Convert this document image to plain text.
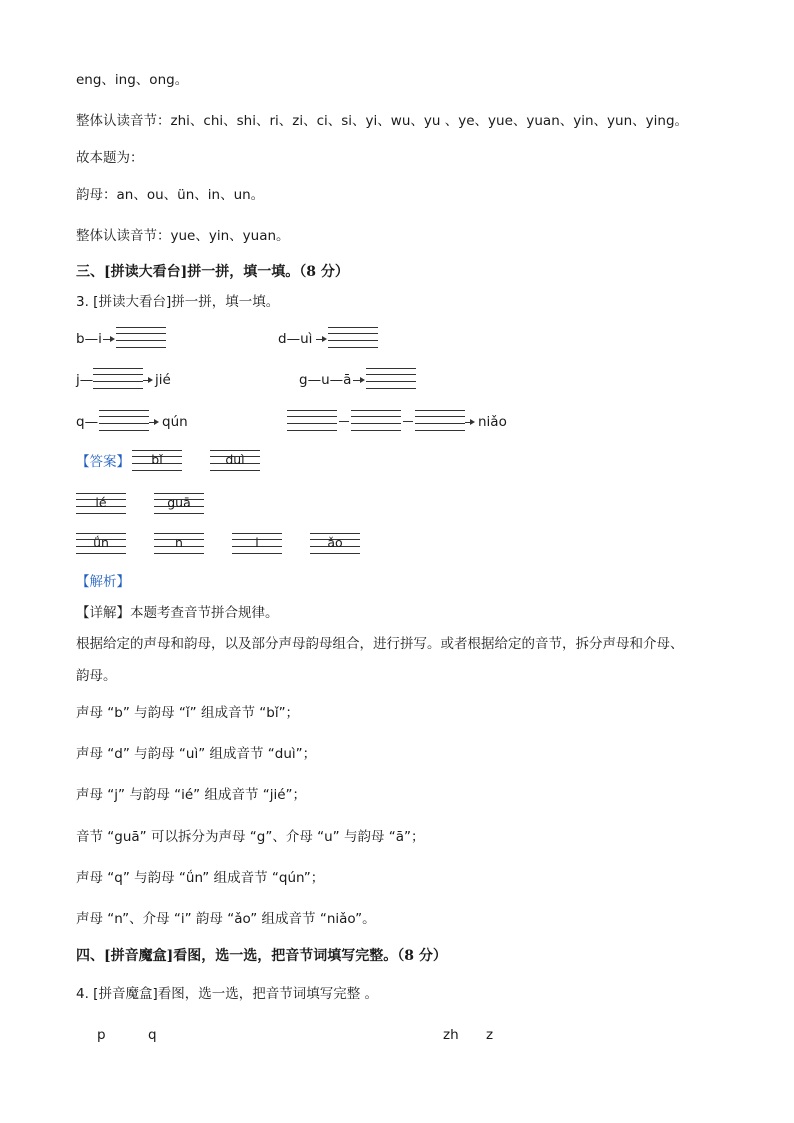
eng、ing、ong。
整体认读音节：zhi、chi、shi、ri、zi、ci、si、yi、wu、yu 、ye、yue、yuan、yin、yun、ying。
故本题为：
韵母：an、ou、ün、in、un。
整体认读音节：yue、yin、yuan。
三、[拼读大看台]拼一拼，填一填。（8 分）
3. [拼读大看台]拼一拼，填一填。
b—i	d—uì
j—	jié	g—u—ā
q—	qún	niǎo
【答案】	bǐ	duì
ié	guā
ǘn	n	i	ǎo
【解析】
【详解】本题考查音节拼合规律。
根据给定的声母和韵母，以及部分声母韵母组合，进行拼写。或者根据给定的音节，拆分声母和介母、
韵母。
声母 “b” 与韵母 “ǐ” 组成音节 “bǐ”；
声母 “d” 与韵母 “uì” 组成音节 “duì”；
声母 “j” 与韵母 “ié” 组成音节 “jié”；
音节 “guā” 可以拆分为声母 “g”、介母 “u” 与韵母 “ā”；
声母 “q” 与韵母 “ǘn” 组成音节 “qún”；
声母 “n”、介母 “i” 韵母 “ǎo” 组成音节 “niǎo”。
四、[拼音魔盒]看图，选一选，把音节词填写完整。（8 分）
4. [拼音魔盒]看图，选一选，把音节词填写完整 。
p	q	zh z
